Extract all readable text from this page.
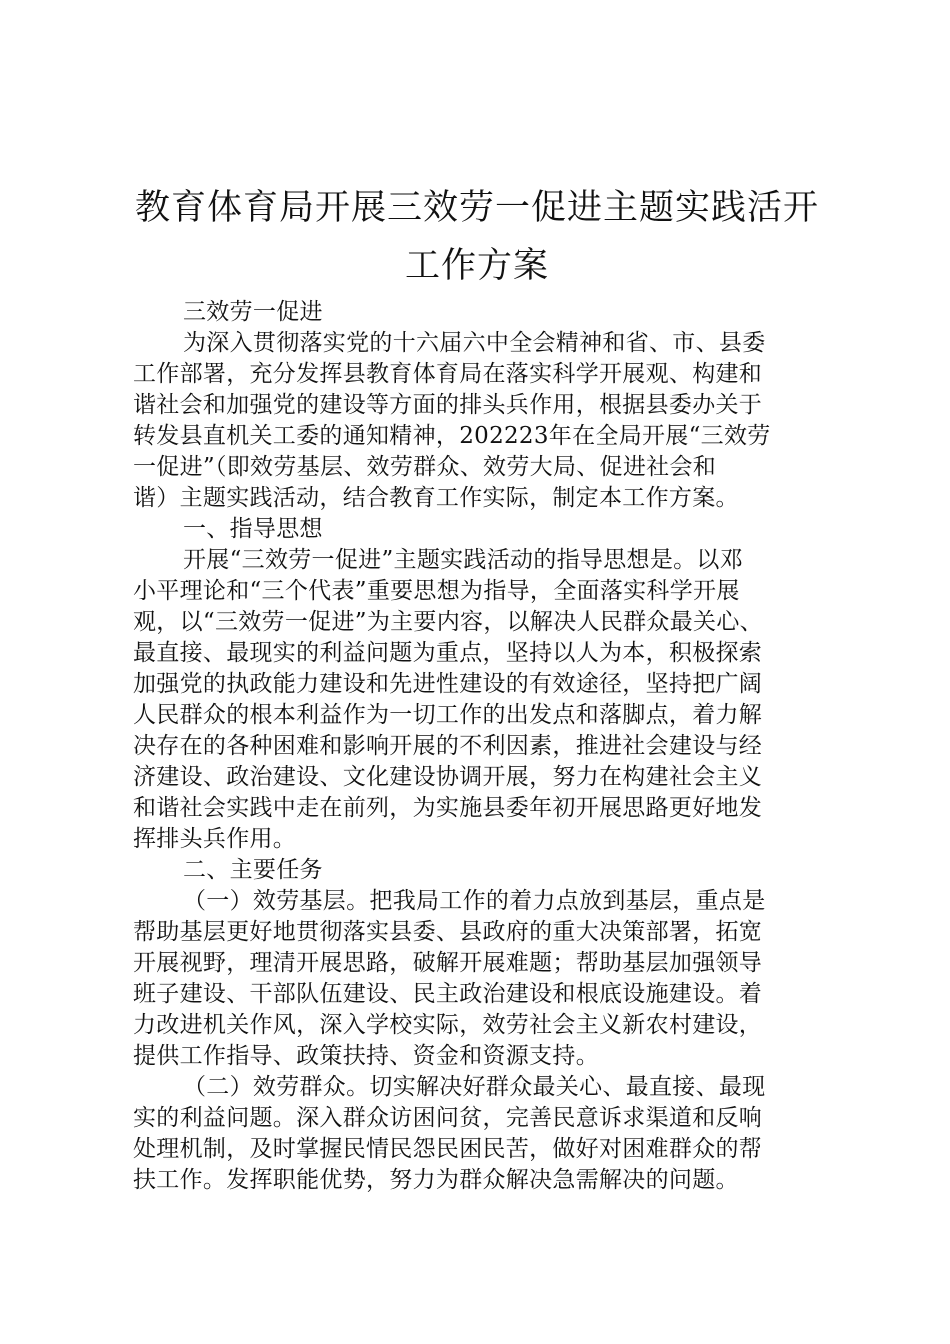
教育体育局开展三效劳一促进主题实践活开
工作方案
三效劳一促进
为深入贯彻落实党的十六届六中全会精神和省、市、县委
工作部署，充分发挥县教育体育局在落实科学开展观、构建和
谐社会和加强党的建设等方面的排头兵作用，根据县委办关于
转发县直机关工委的通知精神，202223年在全局开展“三效劳
一促进”（即效劳基层、效劳群众、效劳大局、促进社会和
谐）主题实践活动，结合教育工作实际，制定本工作方案。
一、指导思想
开展“三效劳一促进”主题实践活动的指导思想是。以邓
小平理论和“三个代表”重要思想为指导，全面落实科学开展
观，以“三效劳一促进”为主要内容，以解决人民群众最关心、
最直接、最现实的利益问题为重点，坚持以人为本，积极探索
加强党的执政能力建设和先进性建设的有效途径，坚持把广阔
人民群众的根本利益作为一切工作的出发点和落脚点，着力解
决存在的各种困难和影响开展的不利因素，推进社会建设与经
济建设、政治建设、文化建设协调开展，努力在构建社会主义
和谐社会实践中走在前列，为实施县委年初开展思路更好地发
挥排头兵作用。
二、主要任务
（一）效劳基层。把我局工作的着力点放到基层，重点是
帮助基层更好地贯彻落实县委、县政府的重大决策部署，拓宽
开展视野，理清开展思路，破解开展难题；帮助基层加强领导
班子建设、干部队伍建设、民主政治建设和根底设施建设。着
力改进机关作风，深入学校实际，效劳社会主义新农村建设，
提供工作指导、政策扶持、资金和资源支持。
（二）效劳群众。切实解决好群众最关心、最直接、最现
实的利益问题。深入群众访困问贫，完善民意诉求渠道和反响
处理机制，及时掌握民情民怨民困民苦，做好对困难群众的帮
扶工作。发挥职能优势，努力为群众解决急需解决的问题。
